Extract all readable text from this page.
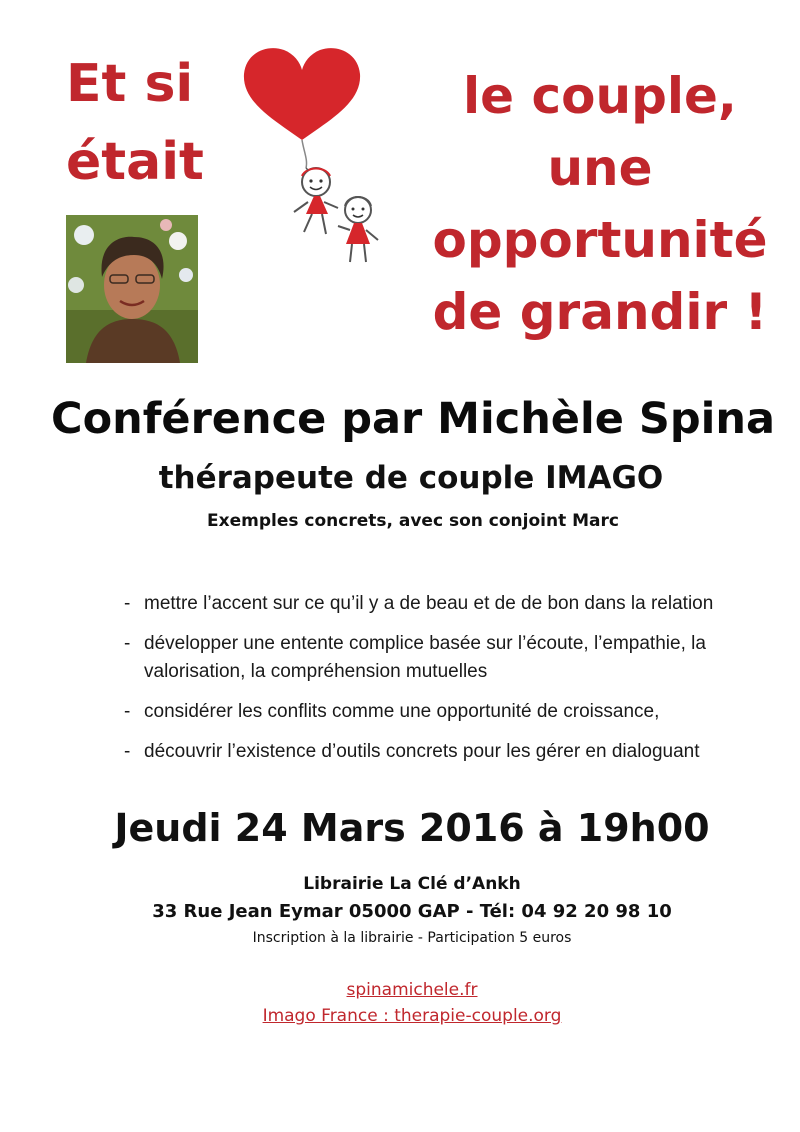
Et si
était
le couple,
une
opportunité
de grandir !
Conférence par Michèle Spina
thérapeute de couple IMAGO
Exemples concrets, avec son conjoint Marc
- mettre l’accent sur ce qu’il y a de beau et de de bon dans la relation
- développer une entente complice basée sur l’écoute, l’empathie, la valorisation, la compréhension mutuelles
- considérer les conflits comme une opportunité de croissance,
- découvrir l’existence d’outils concrets pour les gérer en dialoguant
Jeudi 24 Mars 2016 à 19h00
Librairie La Clé d’Ankh
33 Rue Jean Eymar 05000 GAP - Tél: 04 92 20 98 10
Inscription à la librairie - Participation 5 euros
spinamichele.fr
Imago France : therapie-couple.org
